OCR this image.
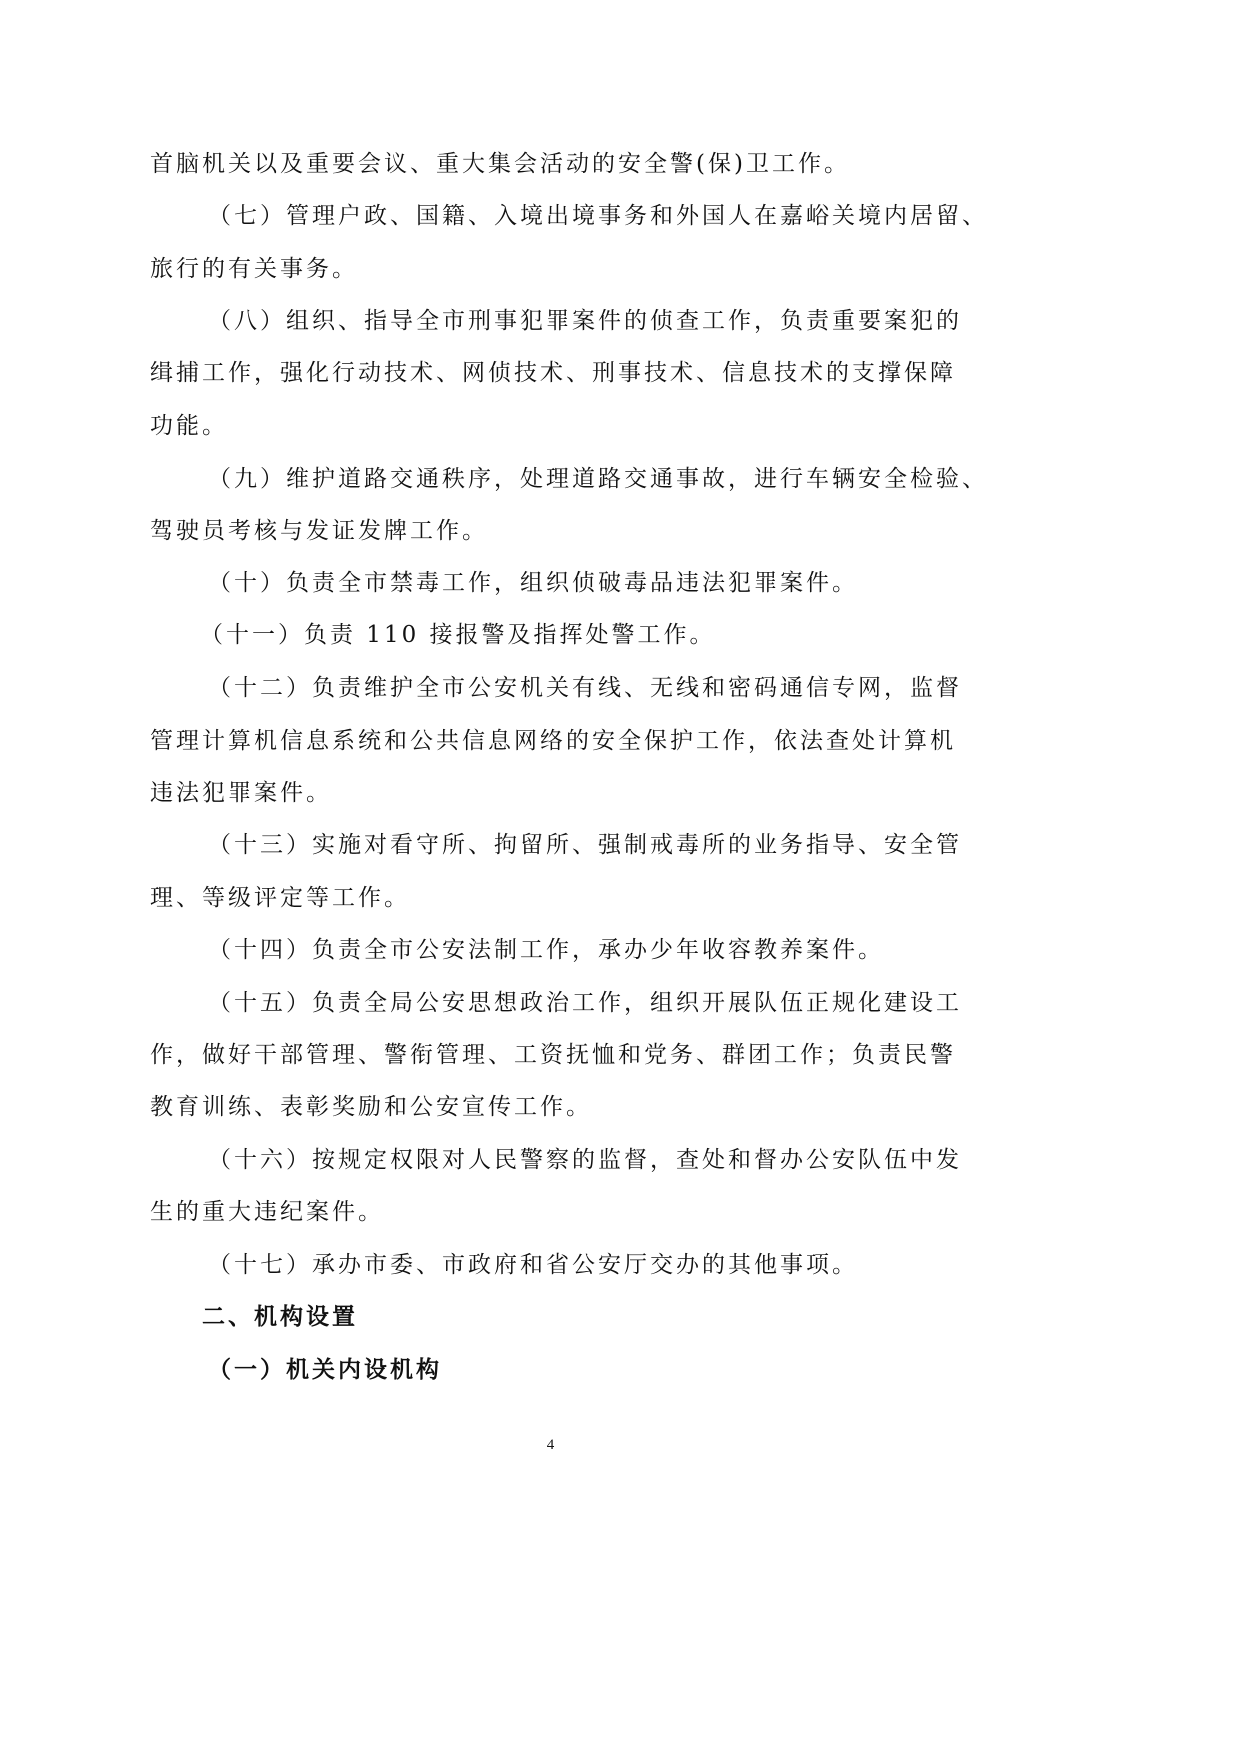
首脑机关以及重要会议、重大集会活动的安全警(保)卫工作。

（七）管理户政、国籍、入境出境事务和外国人在嘉峪关境内居留、

旅行的有关事务。

（八）组织、指导全市刑事犯罪案件的侦查工作，负责重要案犯的

缉捕工作，强化行动技术、网侦技术、刑事技术、信息技术的支撑保障

功能。

（九）维护道路交通秩序，处理道路交通事故，进行车辆安全检验、

驾驶员考核与发证发牌工作。

（十）负责全市禁毒工作，组织侦破毒品违法犯罪案件。

（十一）负责 110 接报警及指挥处警工作。

（十二）负责维护全市公安机关有线、无线和密码通信专网，监督

管理计算机信息系统和公共信息网络的安全保护工作，依法查处计算机

违法犯罪案件。

（十三）实施对看守所、拘留所、强制戒毒所的业务指导、安全管

理、等级评定等工作。

（十四）负责全市公安法制工作，承办少年收容教养案件。

（十五）负责全局公安思想政治工作，组织开展队伍正规化建设工

作，做好干部管理、警衔管理、工资抚恤和党务、群团工作；负责民警

教育训练、表彰奖励和公安宣传工作。

（十六）按规定权限对人民警察的监督，查处和督办公安队伍中发

生的重大违纪案件。

（十七）承办市委、市政府和省公安厅交办的其他事项。

二、机构设置

（一）机关内设机构

4
